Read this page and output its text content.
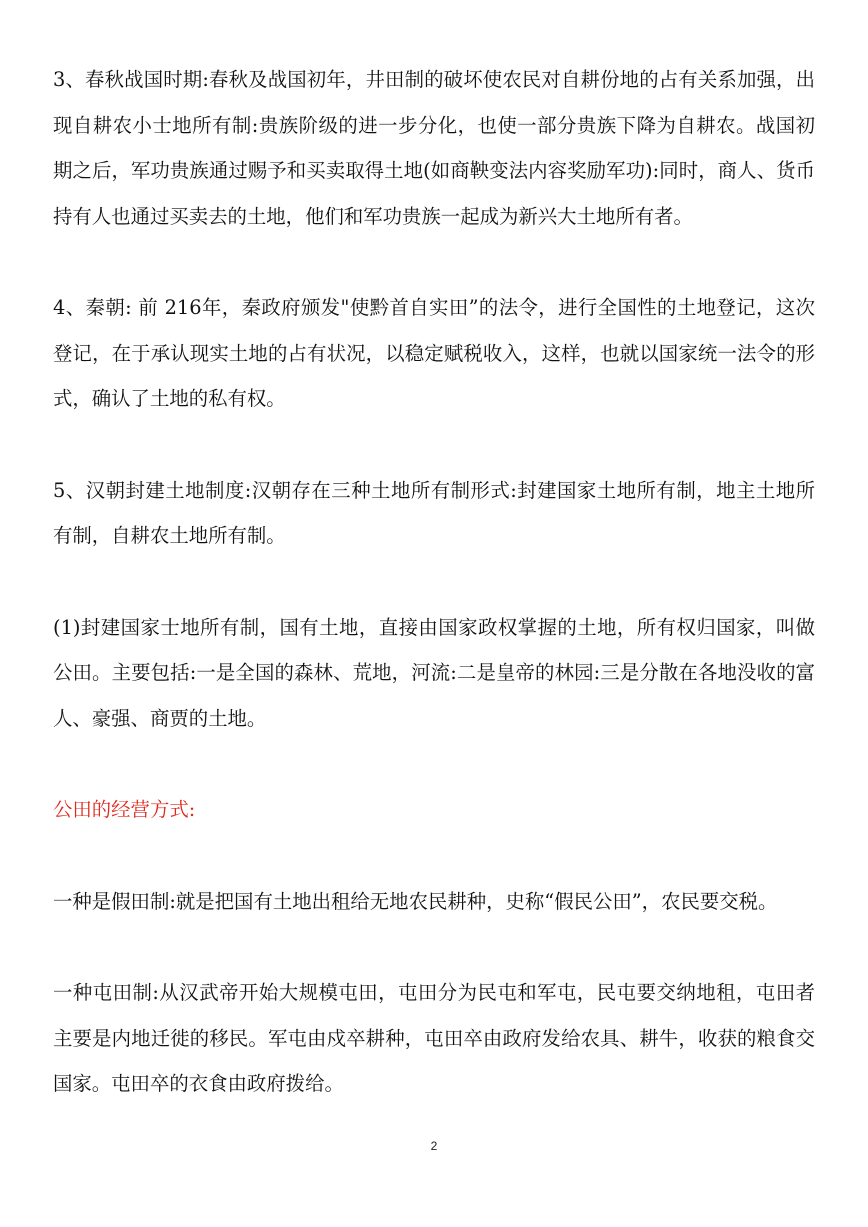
3、春秋战国时期:春秋及战国初年，井田制的破坏使农民对自耕份地的占有关系加强，出现自耕农小士地所有制:贵族阶级的进一步分化，也使一部分贵族下降为自耕农。战国初期之后，军功贵族通过赐予和买卖取得土地(如商鞅变法内容奖励军功):同时，商人、货币持有人也通过买卖去的土地，他们和军功贵族一起成为新兴大土地所有者。

4、秦朝: 前 216年，秦政府颁发"使黔首自实田”的法令，进行全国性的土地登记，这次登记，在于承认现实土地的占有状况，以稳定赋税收入，这样，也就以国家统一法令的形式，确认了土地的私有权。

5、汉朝封建土地制度:汉朝存在三种土地所有制形式:封建国家土地所有制，地主土地所有制，自耕农土地所有制。

(1)封建国家士地所有制，国有土地，直接由国家政权掌握的土地，所有权归国家，叫做公田。主要包括:一是全国的森林、荒地，河流:二是皇帝的林园:三是分散在各地没收的富人、豪强、商贾的土地。

公田的经营方式:

一种是假田制:就是把国有土地出租给无地农民耕种，史称“假民公田”，农民要交税。

一种屯田制:从汉武帝开始大规模屯田，屯田分为民屯和军屯，民屯要交纳地租，屯田者主要是内地迁徙的移民。军屯由戍卒耕种，屯田卒由政府发给农具、耕牛，收获的粮食交国家。屯田卒的衣食由政府拨给。

2
